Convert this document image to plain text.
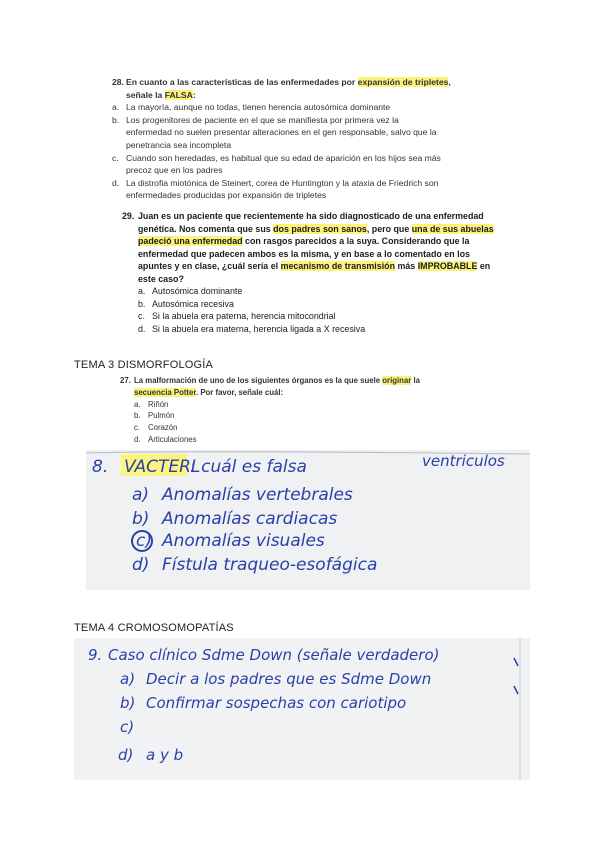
28. En cuanto a las características de las enfermedades por expansión de tripletes,
señale la FALSA:
a. La mayoría, aunque no todas, tienen herencia autosómica dominante
b. Los progenitores de paciente en el que se manifiesta por primera vez la
enfermedad no suelen presentar alteraciones en el gen responsable, salvo que la
penetrancia sea incompleta
c. Cuando son heredadas, es habitual que su edad de aparición en los hijos sea más
precoz que en los padres
d. La distrofia miotónica de Steinert, corea de Huntington y la ataxia de Friedrich son
enfermedades producidas por expansión de tripletes
29. Juan es un paciente que recientemente ha sido diagnosticado de una enfermedad
genética. Nos comenta que sus dos padres son sanos, pero que una de sus abuelas
padeció una enfermedad con rasgos parecidos a la suya. Considerando que la
enfermedad que padecen ambos es la misma, y en base a lo comentado en los
apuntes y en clase, ¿cuál sería el mecanismo de transmisión más IMPROBABLE en
este caso?
a. Autosómica dominante
b. Autosómica recesiva
c. Si la abuela era paterna, herencia mitocondrial
d. Si la abuela era materna, herencia ligada a X recesiva
TEMA 3 DISMORFOLOGÍA
27. La malformación de uno de los siguientes órganos es la que suele originar la
secuencia Potter. Por favor, señale cuál:
a. Riñón
b. Pulmón
c.	Corazón
d. Articulaciones
8. VACTERL
: cuál es falsa	ventriculos
a) Anomalías vertebrales
b) Anomalías cardiacas
c) Anomalías visuales
d) Fístula traqueo-esofágica
TEMA 4 CROMOSOMOPATÍAS
9. Caso clínico Sdme Down (señale verdadero)
a) Decir a los padres que es Sdme Down
b) Confirmar sospechas con cariotipo
c)
d) a y b
